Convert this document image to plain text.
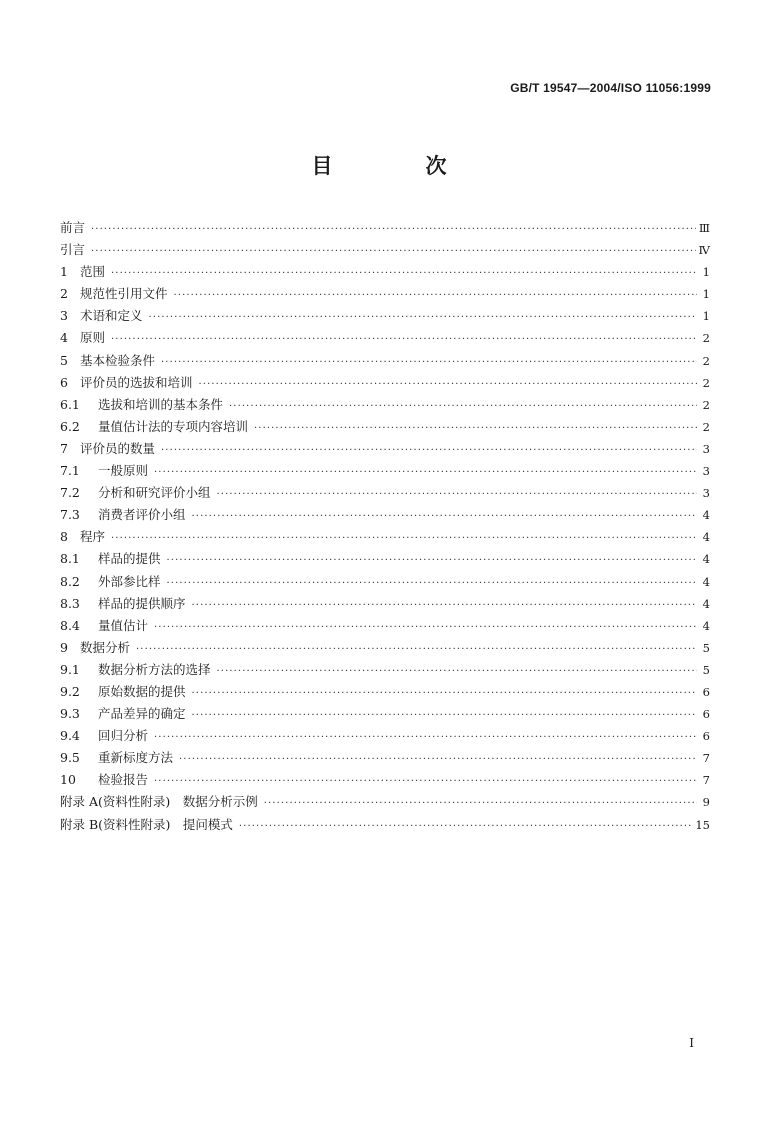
GB/T 19547—2004/ISO 11056:1999
目　次
前言 ·····	Ⅲ
引言 ·····	Ⅳ
1 范围 ·····	1
2 规范性引用文件 ·····	1
3 术语和定义 ·····	1
4 原则 ·····	2
5 基本检验条件 ·····	2
6 评价员的选拔和培训 ·····	2
6.1	选拔和培训的基本条件 ·····	2
6.2	量值估计法的专项内容培训 ·····	2
7 评价员的数量 ·····	3
7.1	一般原则 ·····	3
7.2	分析和研究评价小组 ·····	3
7.3	消费者评价小组 ·····	4
8 程序 ·····	4
8.1	样品的提供 ·····	4
8.2	外部参比样 ·····	4
8.3	样品的提供顺序 ·····	4
8.4	量值估计 ·····	4
9 数据分析 ·····	5
9.1	数据分析方法的选择 ·····	5
9.2	原始数据的提供 ·····	6
9.3	产品差异的确定 ·····	6
9.4	回归分析 ·····	6
9.5	重新标度方法 ·····	7
10	检验报告 ·····	7
附录 A(资料性附录)　数据分析示例 ·····	9
附录 B(资料性附录)　提问模式 ·····	15
I
